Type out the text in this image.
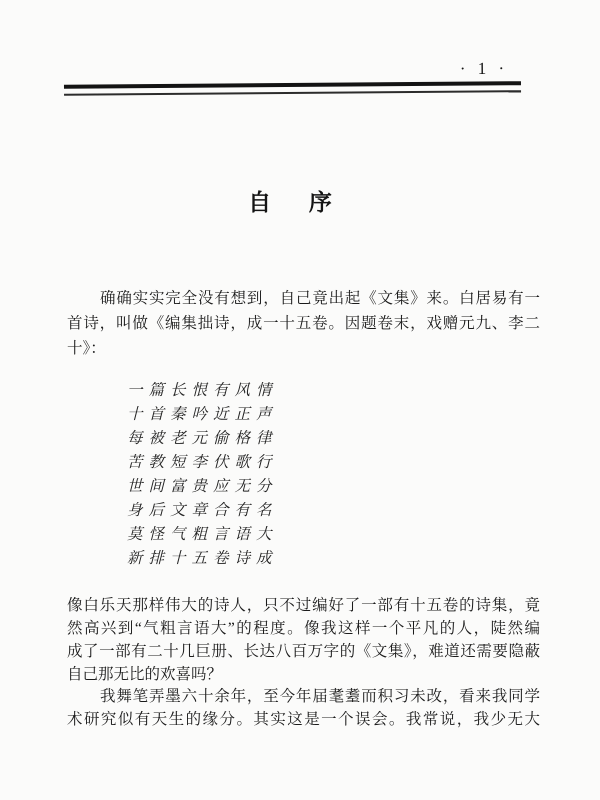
· 1 ·
自 序
确确实实完全没有想到，自己竟出起《文集》来。白居易有一
首诗，叫做《编集拙诗，成一十五卷。因题卷末，戏赠元九、李二
十》：
一篇长恨有风情
十首秦吟近正声
每被老元偷格律
苦教短李伏歌行
世间富贵应无分
身后文章合有名
莫怪气粗言语大
新排十五卷诗成
像白乐天那样伟大的诗人，只不过编好了一部有十五卷的诗集，竟
然高兴到“气粗言语大”的程度。像我这样一个平凡的人，陡然编
成了一部有二十几巨册、长达八百万字的《文集》，难道还需要隐蔽
自己那无比的欢喜吗？
我舞笔弄墨六十余年，至今年届耄耋而积习未改，看来我同学
术研究似有天生的缘分。其实这是一个误会。我常说，我少无大
